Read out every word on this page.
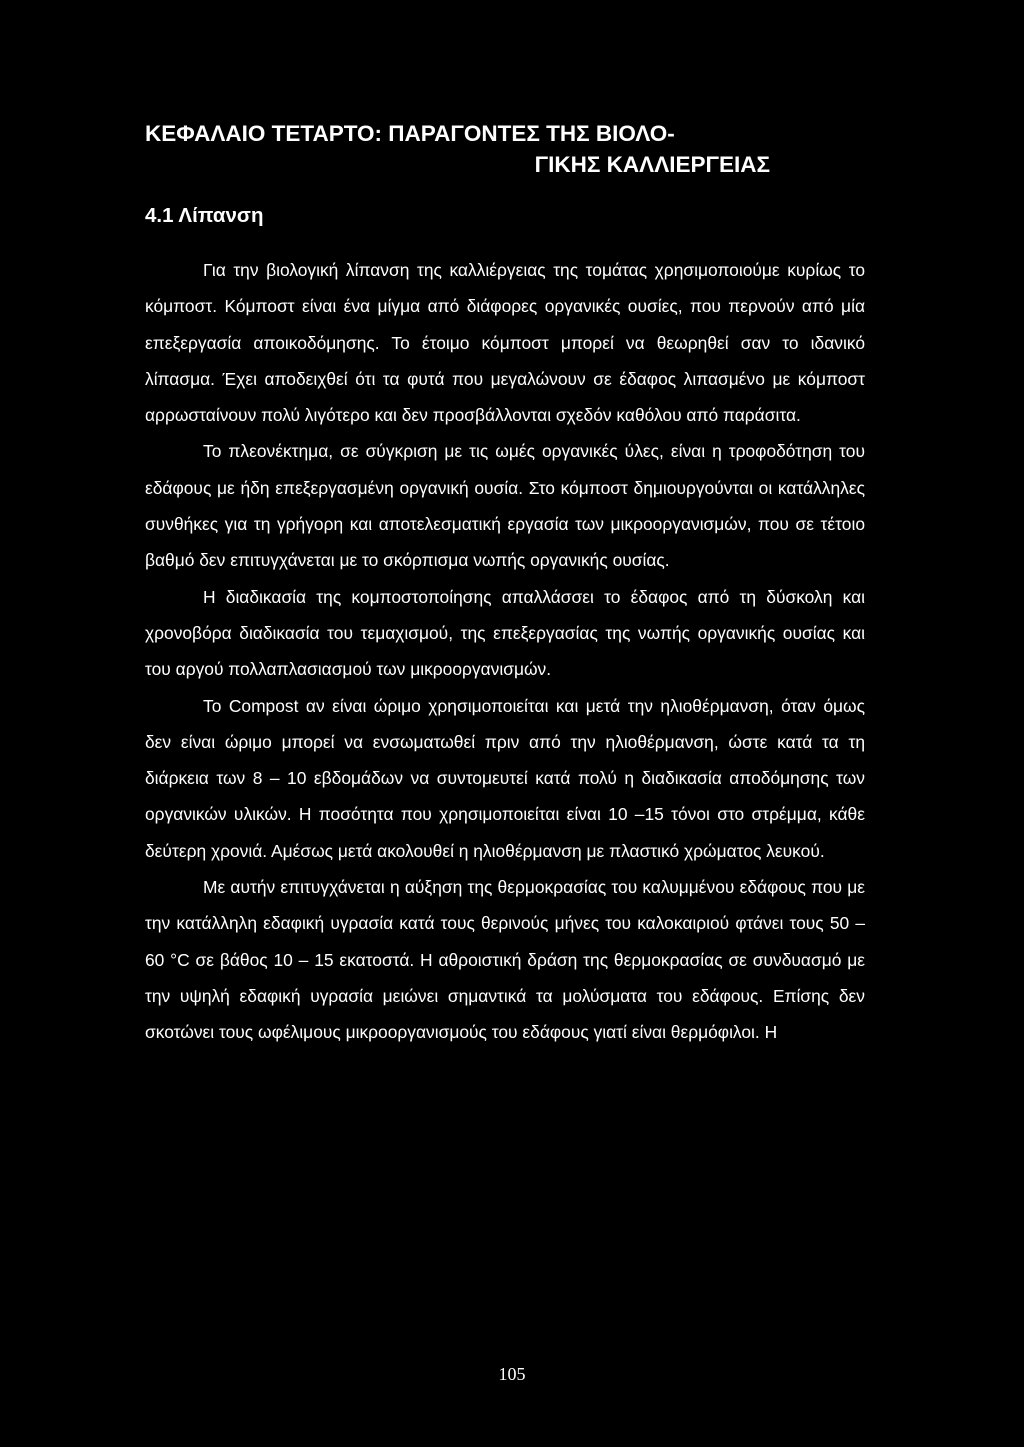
ΚΕΦΑΛΑΙΟ ΤΕΤΑΡΤΟ: ΠΑΡΑΓΟΝΤΕΣ ΤΗΣ ΒΙΟΛΟ-
ΓΙΚΗΣ ΚΑΛΛΙΕΡΓΕΙΑΣ
4.1 Λίπανση

Για την βιολογική λίπανση της καλλιέργειας της τομάτας χρησιμοποιούμε κυρίως το κόμποστ. Κόμποστ είναι ένα μίγμα από διάφορες οργανικές ουσίες, που περνούν από μία επεξεργασία αποικοδόμησης. Το έτοιμο κόμποστ μπορεί να θεωρηθεί σαν το ιδανικό λίπασμα. Έχει αποδειχθεί ότι τα φυτά που μεγαλώνουν σε έδαφος λιπασμένο με κόμποστ αρρωσταίνουν πολύ λιγότερο και δεν προσβάλλονται σχεδόν καθόλου από παράσιτα.

Το πλεονέκτημα, σε σύγκριση με τις ωμές οργανικές ύλες, είναι η τροφοδότηση του εδάφους με ήδη επεξεργασμένη οργανική ουσία. Στο κόμποστ δημιουργούνται οι κατάλληλες συνθήκες για τη γρήγορη και αποτελεσματική εργασία των μικροοργανισμών, που σε τέτοιο βαθμό δεν επιτυγχάνεται με το σκόρπισμα νωπής οργανικής ουσίας.

Η διαδικασία της κομποστοποίησης απαλλάσσει το έδαφος από τη δύσκολη και χρονοβόρα διαδικασία του τεμαχισμού, της επεξεργασίας της νωπής οργανικής ουσίας και του αργού πολλαπλασιασμού των μικροοργανισμών.

Το Compost αν είναι ώριμο χρησιμοποιείται και μετά την ηλιοθέρμανση, όταν όμως δεν είναι ώριμο μπορεί να ενσωματωθεί πριν από την ηλιοθέρμανση, ώστε κατά τα τη διάρκεια των 8 – 10 εβδομάδων να συντομευτεί κατά πολύ η διαδικασία αποδόμησης των οργανικών υλικών. Η ποσότητα που χρησιμοποιείται είναι 10 –15 τόνοι στο στρέμμα, κάθε δεύτερη χρονιά. Αμέσως μετά ακολουθεί η ηλιοθέρμανση με πλαστικό χρώματος λευκού.

Με αυτήν επιτυγχάνεται η αύξηση της θερμοκρασίας του καλυμμένου εδάφους που με την κατάλληλη εδαφική υγρασία κατά τους θερινούς μήνες του καλοκαιριού φτάνει τους 50 – 60 °C σε βάθος 10 – 15 εκατοστά. Η αθροιστική δράση της θερμοκρασίας σε συνδυασμό με την υψηλή εδαφική υγρασία μειώνει σημαντικά τα μολύσματα του εδάφους. Επίσης δεν σκοτώνει τους ωφέλιμους μικροοργανισμούς του εδάφους γιατί είναι θερμόφιλοι. Η

105
